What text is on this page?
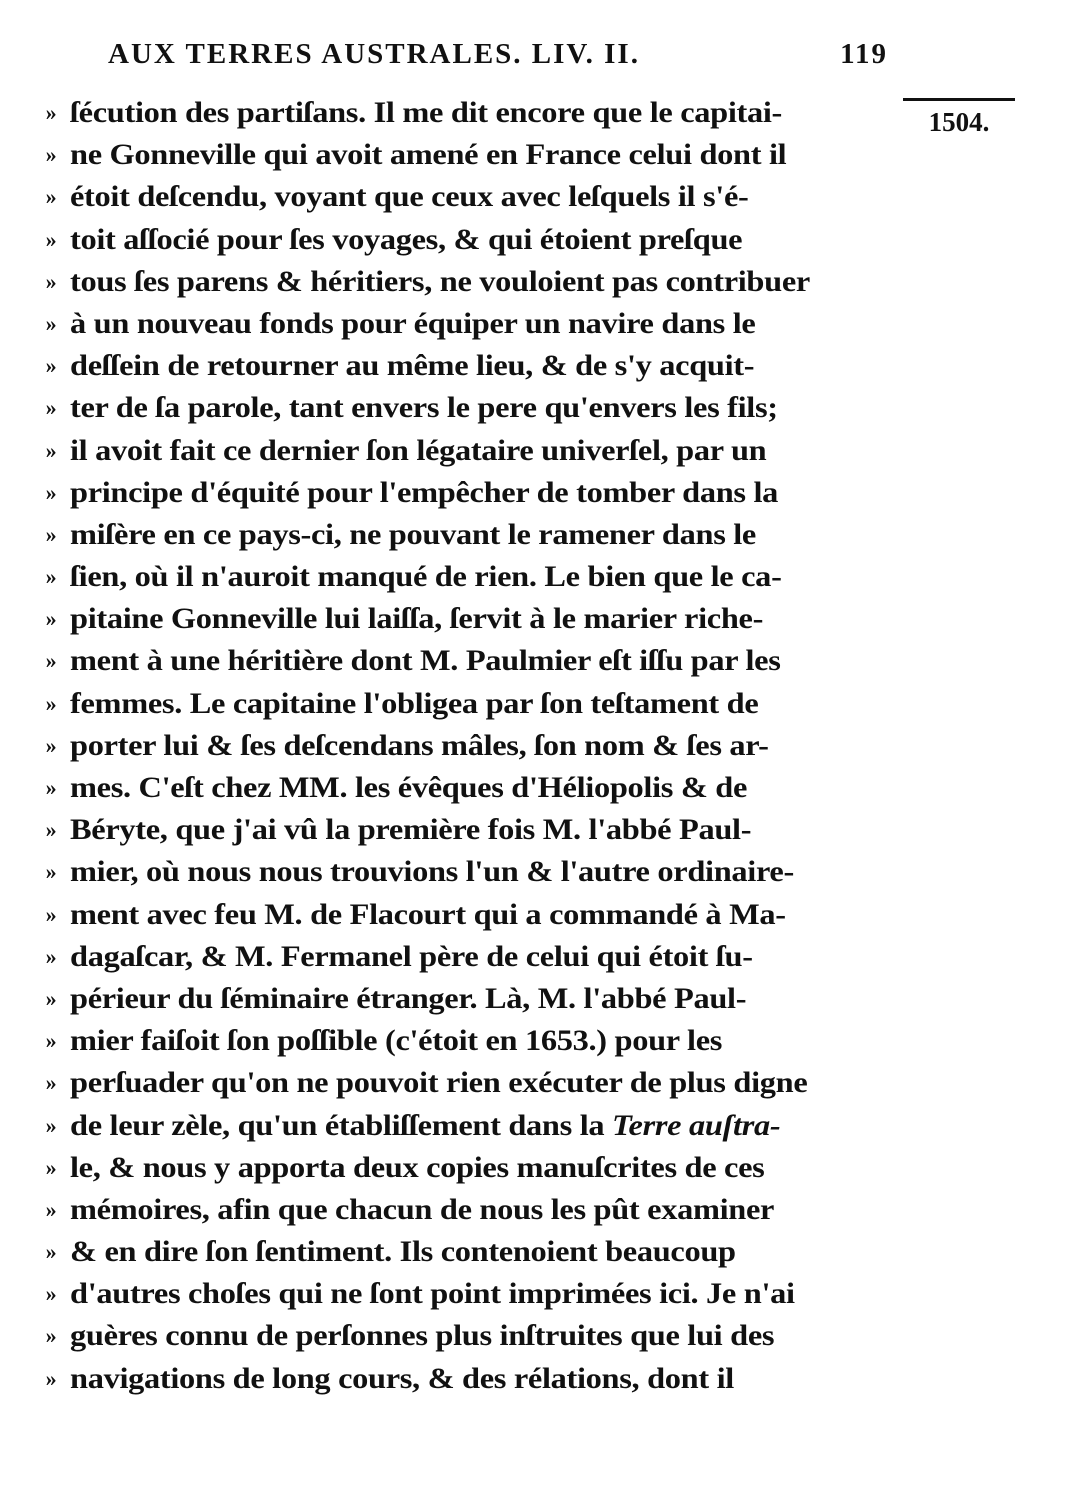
AUX TERRES AUSTRALES. LIV. II.	119
1504.
» ſécution des partiſans. Il me dit encore que le capitai-
» ne Gonneville qui avoit amené en France celui dont il
» étoit deſcendu, voyant que ceux avec leſquels il s'é-
» toit aſſocié pour ſes voyages, & qui étoient preſque
» tous ſes parens & héritiers, ne vouloient pas contribuer
» à un nouveau fonds pour équiper un navire dans le
» deſſein de retourner au même lieu, & de s'y acquit-
» ter de ſa parole, tant envers le pere qu'envers les fils;
» il avoit fait ce dernier ſon légataire univerſel, par un
» principe d'équité pour l'empêcher de tomber dans la
» miſère en ce pays-ci, ne pouvant le ramener dans le
» ſien, où il n'auroit manqué de rien. Le bien que le ca-
» pitaine Gonneville lui laiſſa, ſervit à le marier riche-
» ment à une héritière dont M. Paulmier eſt iſſu par les
» femmes. Le capitaine l'obligea par ſon teſtament de
» porter lui & ſes deſcendans mâles, ſon nom & ſes ar-
» mes. C'eſt chez MM. les évêques d'Héliopolis & de
» Béryte, que j'ai vû la première fois M. l'abbé Paul-
» mier, où nous nous trouvions l'un & l'autre ordinaire-
» ment avec feu M. de Flacourt qui a commandé à Ma-
» dagaſcar, & M. Fermanel père de celui qui étoit ſu-
» périeur du ſéminaire étranger. Là, M. l'abbé Paul-
» mier faiſoit ſon poſſible (c'étoit en 1653.) pour les
» perſuader qu'on ne pouvoit rien exécuter de plus digne
» de leur zèle, qu'un établiſſement dans la Terre auſtra-
» le, & nous y apporta deux copies manuſcrites de ces
» mémoires, afin que chacun de nous les pût examiner
» & en dire ſon ſentiment. Ils contenoient beaucoup
» d'autres choſes qui ne ſont point imprimées ici. Je n'ai
» guères connu de perſonnes plus inſtruites que lui des
» navigations de long cours, & des rélations, dont il
